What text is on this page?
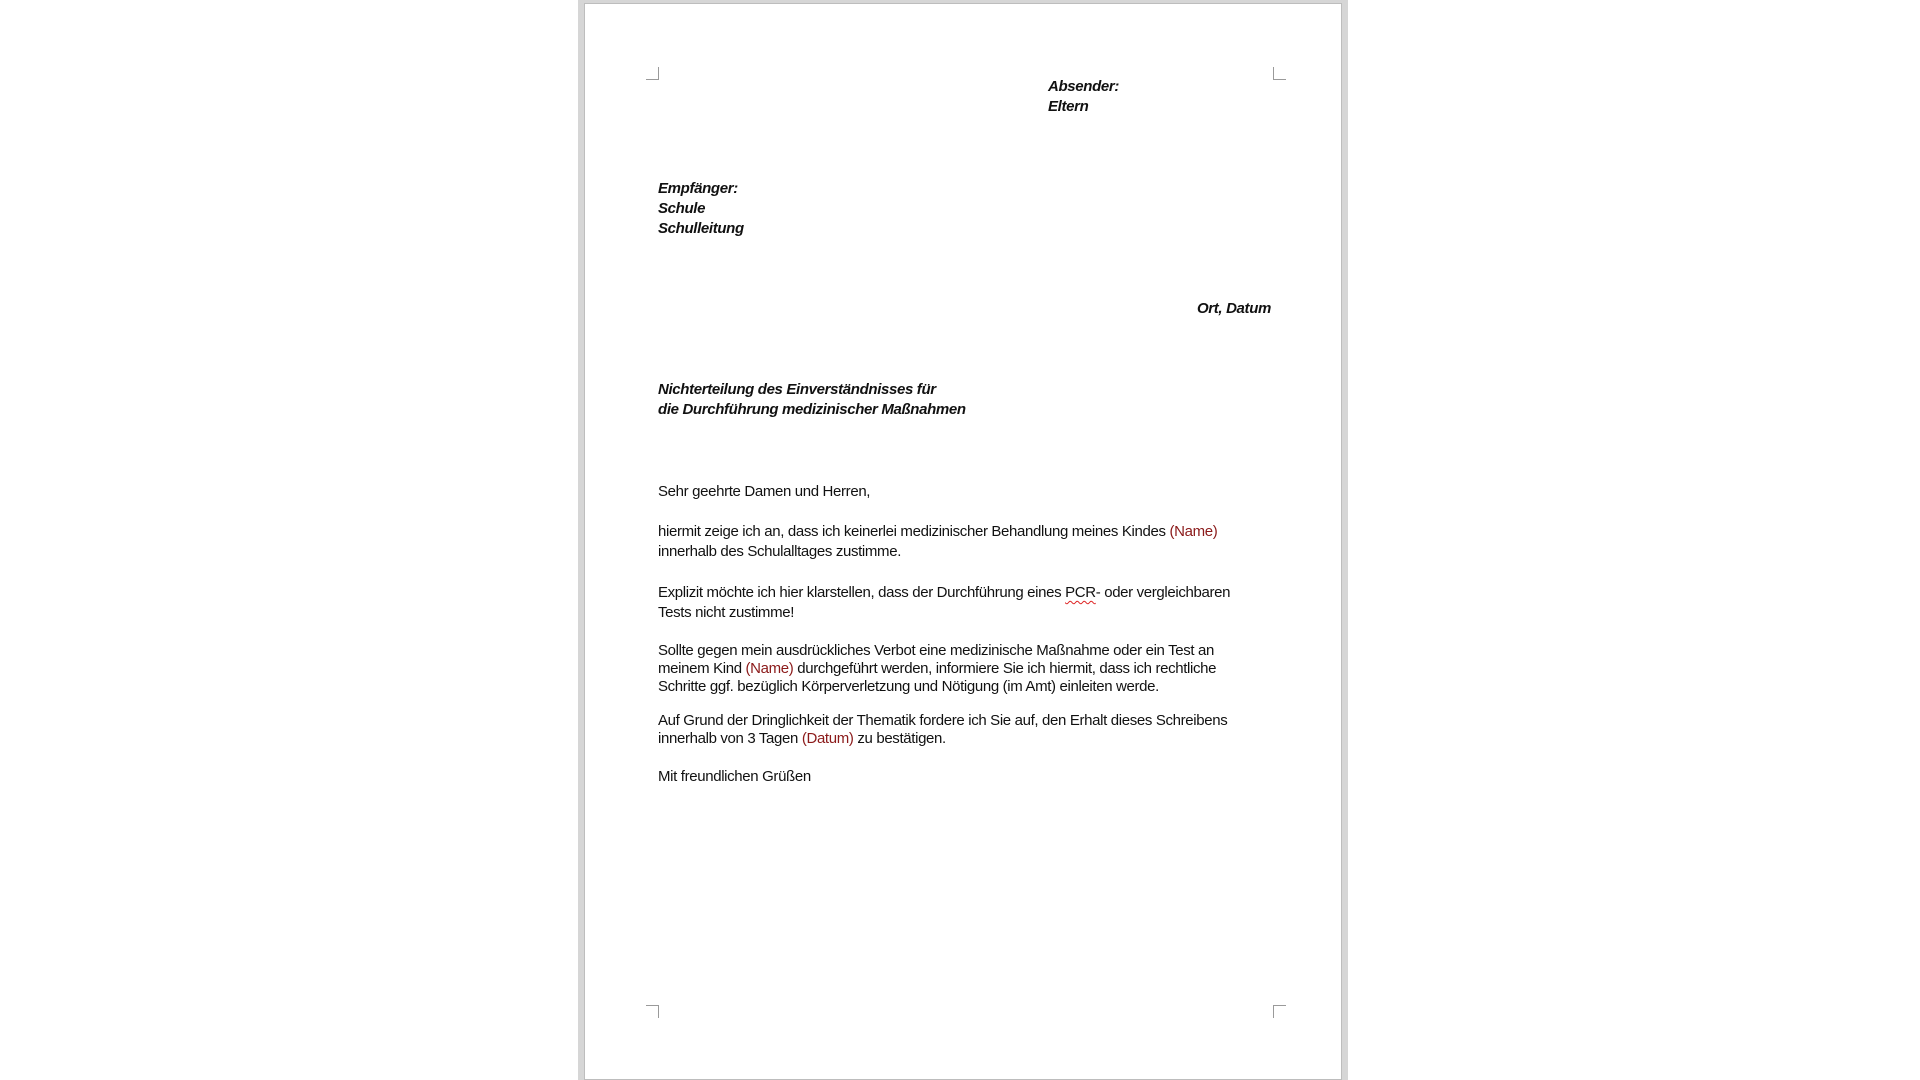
Absender:
Eltern
Empfänger:
Schule
Schulleitung
Ort, Datum
Nichterteilung des Einverständnisses für
die Durchführung medizinischer Maßnahmen
Sehr geehrte Damen und Herren,
hiermit zeige ich an, dass ich keinerlei medizinischer Behandlung meines Kindes (Name)
innerhalb des Schulalltages zustimme.
Explizit möchte ich hier klarstellen, dass der Durchführung eines PCR- oder vergleichbaren
Tests nicht zustimme!
Sollte gegen mein ausdrückliches Verbot eine medizinische Maßnahme oder ein Test an
meinem Kind (Name) durchgeführt werden, informiere Sie ich hiermit, dass ich rechtliche
Schritte ggf. bezüglich Körperverletzung und Nötigung (im Amt) einleiten werde.
Auf Grund der Dringlichkeit der Thematik fordere ich Sie auf, den Erhalt dieses Schreibens
innerhalb von 3 Tagen (Datum) zu bestätigen.
Mit freundlichen Grüßen
